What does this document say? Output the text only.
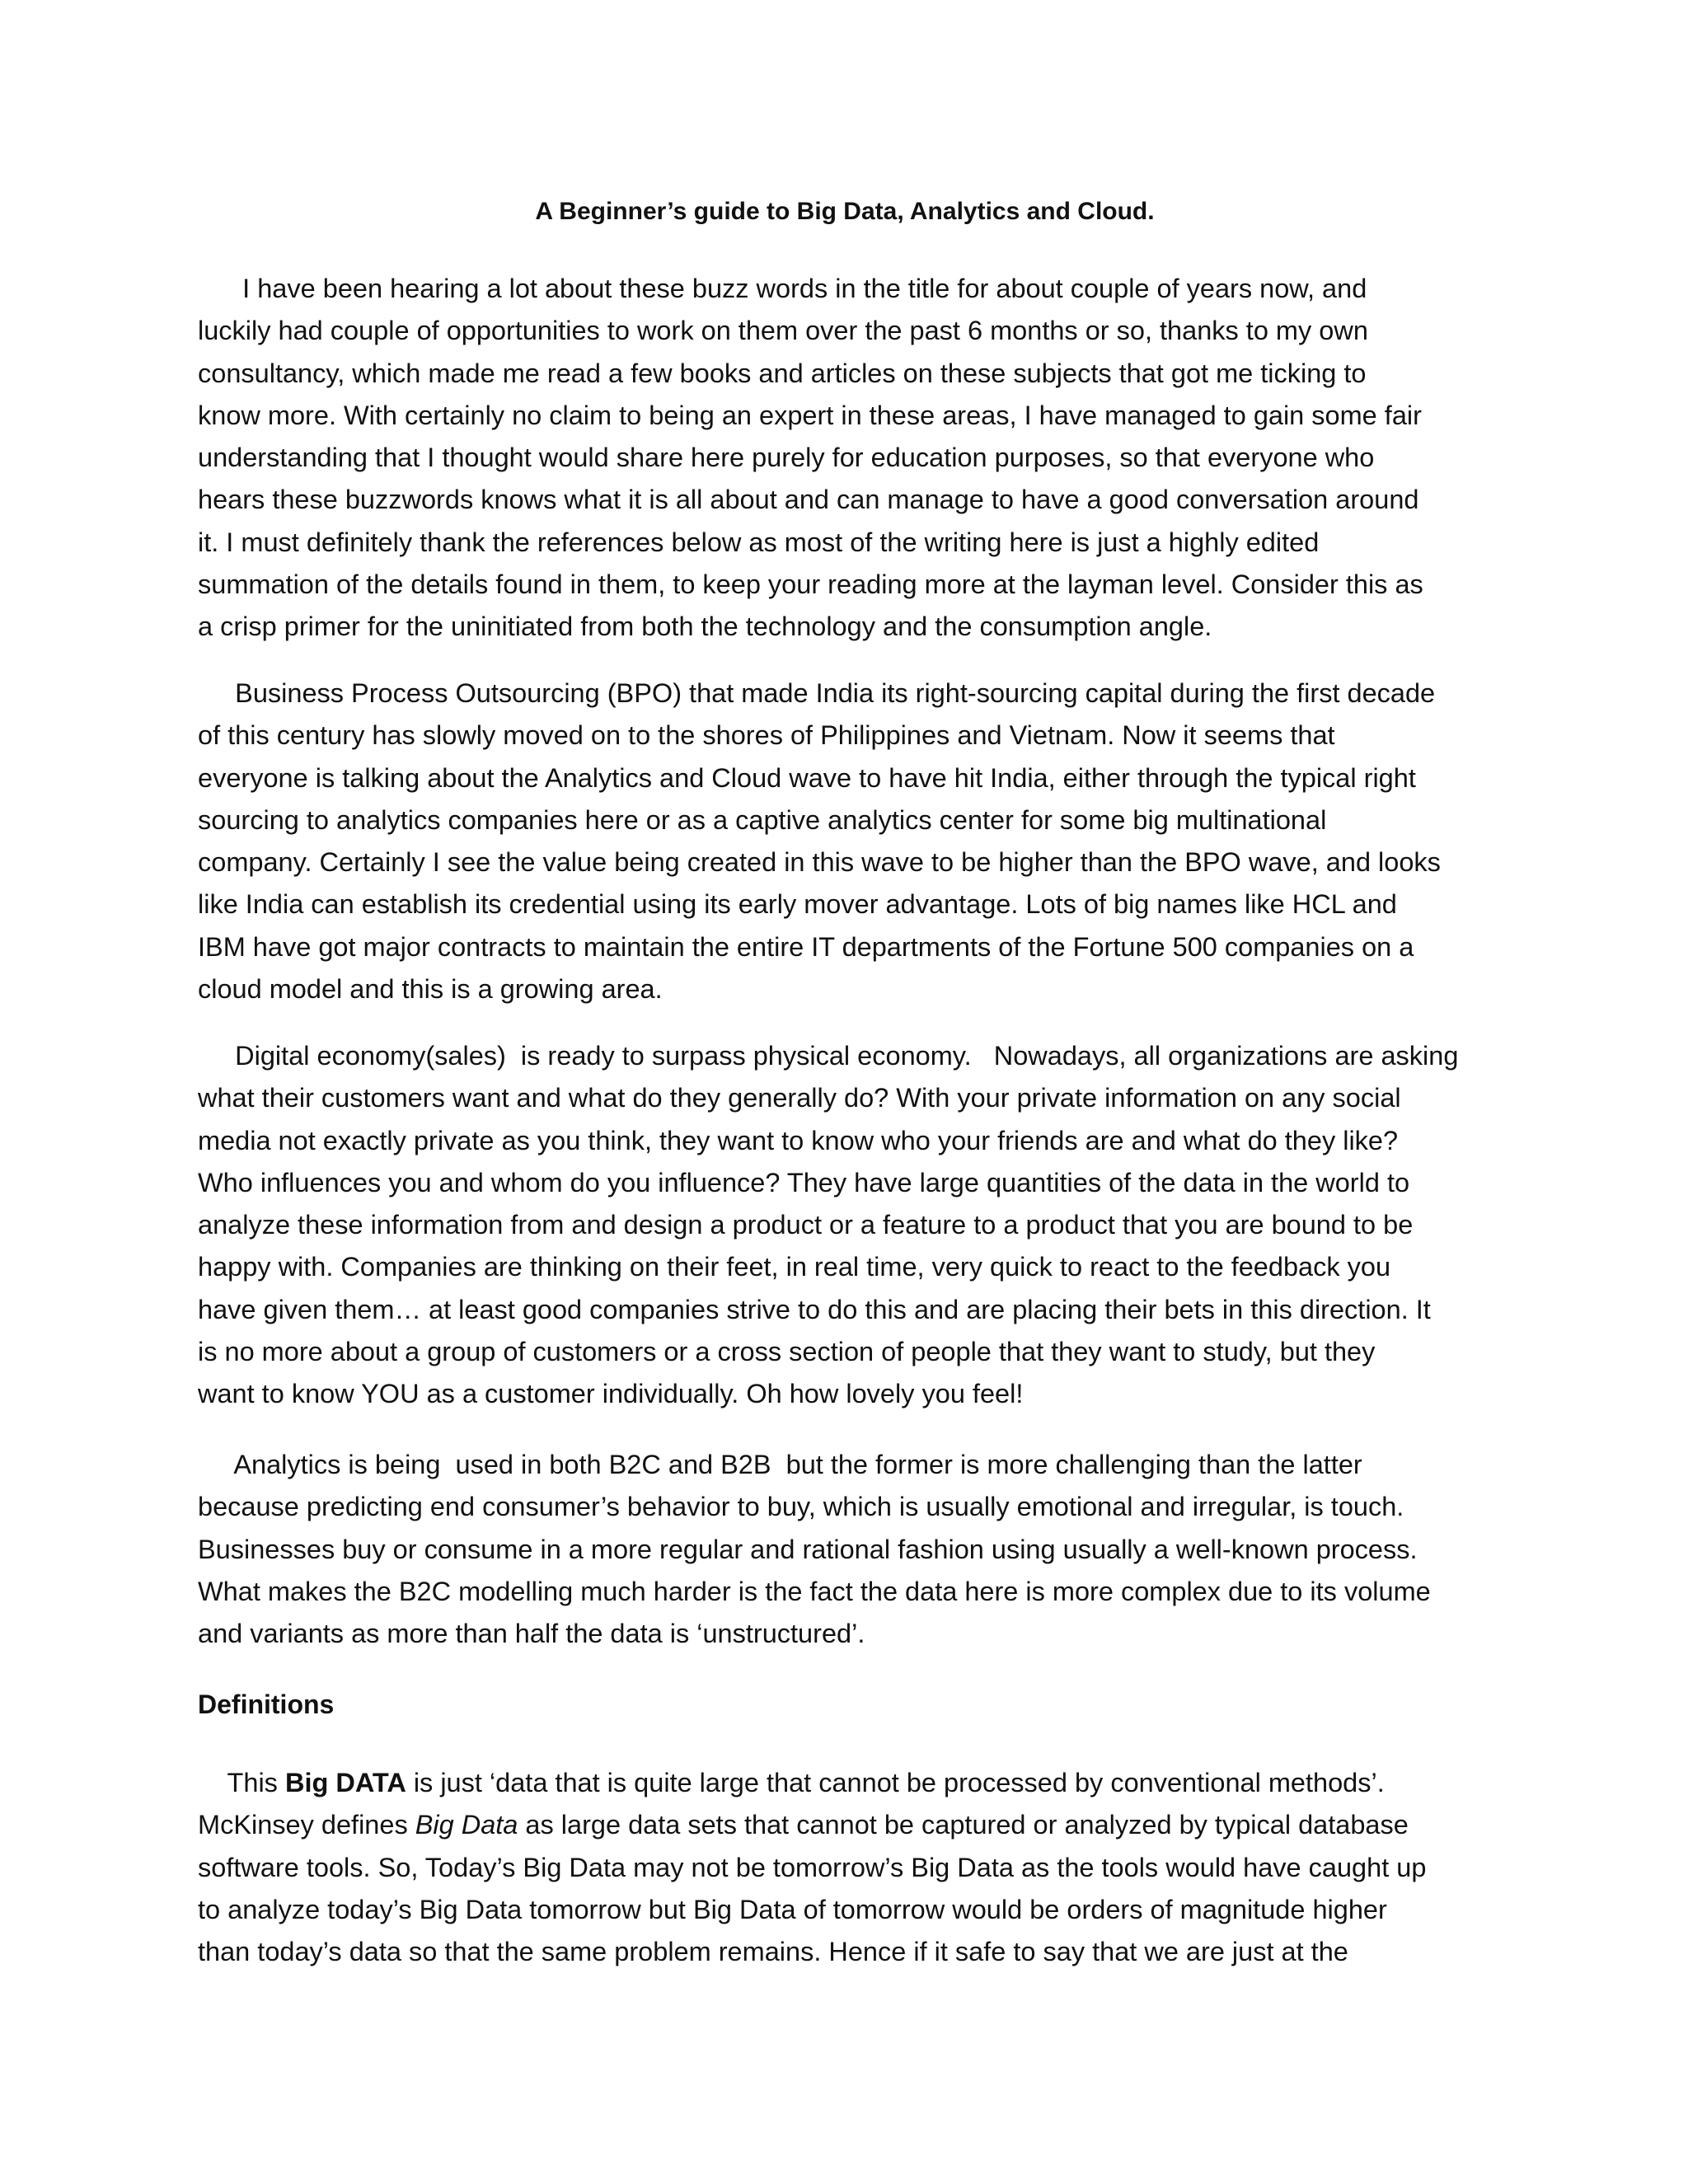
A Beginner’s guide to Big Data, Analytics and Cloud.
I have been hearing a lot about these buzz words in the title for about couple of years now, and
luckily had couple of opportunities to work on them over the past 6 months or so, thanks to my own
consultancy, which made me read a few books and articles on these subjects that got me ticking to
know more. With certainly no claim to being an expert in these areas, I have managed to gain some fair
understanding that I thought would share here purely for education purposes, so that everyone who
hears these buzzwords knows what it is all about and can manage to have a good conversation around
it. I must definitely thank the references below as most of the writing here is just a highly edited
summation of the details found in them, to keep your reading more at the layman level. Consider this as
a crisp primer for the uninitiated from both the technology and the consumption angle.
Business Process Outsourcing (BPO) that made India its right-sourcing capital during the first decade
of this century has slowly moved on to the shores of Philippines and Vietnam. Now it seems that
everyone is talking about the Analytics and Cloud wave to have hit India, either through the typical right
sourcing to analytics companies here or as a captive analytics center for some big multinational
company. Certainly I see the value being created in this wave to be higher than the BPO wave, and looks
like India can establish its credential using its early mover advantage. Lots of big names like HCL and
IBM have got major contracts to maintain the entire IT departments of the Fortune 500 companies on a
cloud model and this is a growing area.
Digital economy(sales)  is ready to surpass physical economy.   Nowadays, all organizations are asking
what their customers want and what do they generally do? With your private information on any social
media not exactly private as you think, they want to know who your friends are and what do they like?
Who influences you and whom do you influence? They have large quantities of the data in the world to
analyze these information from and design a product or a feature to a product that you are bound to be
happy with. Companies are thinking on their feet, in real time, very quick to react to the feedback you
have given them… at least good companies strive to do this and are placing their bets in this direction. It
is no more about a group of customers or a cross section of people that they want to study, but they
want to know YOU as a customer individually. Oh how lovely you feel!
Analytics is being  used in both B2C and B2B  but the former is more challenging than the latter
because predicting end consumer’s behavior to buy, which is usually emotional and irregular, is touch.
Businesses buy or consume in a more regular and rational fashion using usually a well-known process.
What makes the B2C modelling much harder is the fact the data here is more complex due to its volume
and variants as more than half the data is ‘unstructured’.
Definitions
This Big DATA is just ‘data that is quite large that cannot be processed by conventional methods’.
McKinsey defines Big Data as large data sets that cannot be captured or analyzed by typical database
software tools. So, Today’s Big Data may not be tomorrow’s Big Data as the tools would have caught up
to analyze today’s Big Data tomorrow but Big Data of tomorrow would be orders of magnitude higher
than today’s data so that the same problem remains. Hence if it safe to say that we are just at the
